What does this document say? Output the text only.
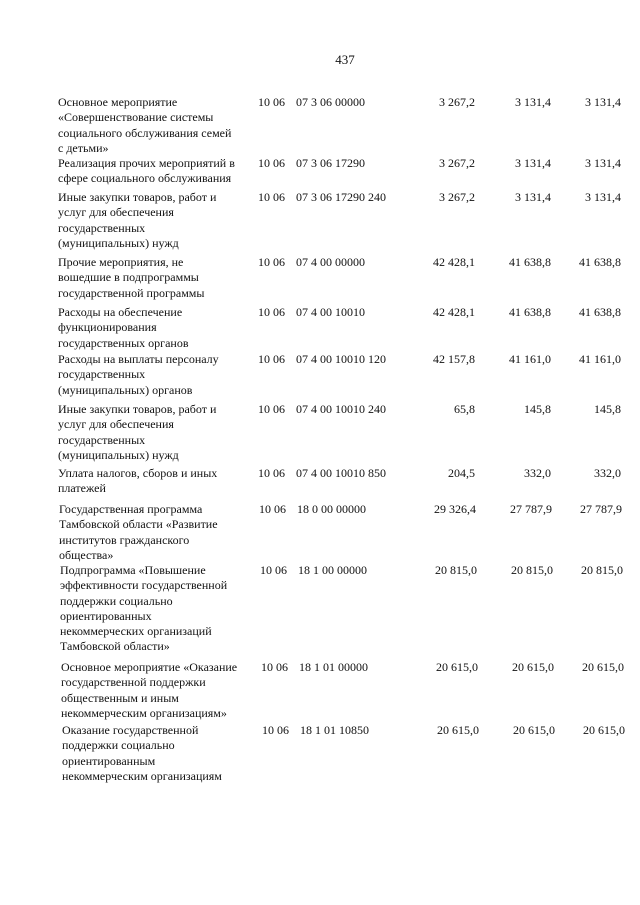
437
Основное мероприятие
«Совершенствование системы
социального обслуживания семей
с детьми»
10 06 07 3 06 00000	3 267,2	3 131,4	3 131,4
Реализация прочих мероприятий в
сфере социального обслуживания
10 06 07 3 06 17290	3 267,2	3 131,4	3 131,4
Иные закупки товаров, работ и
услуг для обеспечения
государственных
(муниципальных) нужд
10 06 07 3 06 17290 240	3 267,2	3 131,4	3 131,4
Прочие мероприятия, не
вошедшие в подпрограммы
государственной программы
10 06 07 4 00 00000	42 428,1	41 638,8	41 638,8
Расходы на обеспечение
функционирования
государственных органов
10 06 07 4 00 10010	42 428,1	41 638,8	41 638,8
Расходы на выплаты персоналу
государственных
(муниципальных) органов
10 06 07 4 00 10010 120	42 157,8	41 161,0	41 161,0
Иные закупки товаров, работ и
услуг для обеспечения
государственных
(муниципальных) нужд
10 06 07 4 00 10010 240	65,8	145,8	145,8
Уплата налогов, сборов и иных
платежей
10 06 07 4 00 10010 850	204,5	332,0	332,0
Государственная программа
Тамбовской области «Развитие
институтов гражданского
общества»
10 06 18 0 00 00000	29 326,4	27 787,9	27 787,9
Подпрограмма «Повышение
эффективности государственной
поддержки социально
ориентированных
некоммерческих организаций
Тамбовской области»
10 06 18 1 00 00000	20 815,0	20 815,0	20 815,0
Основное мероприятие «Оказание
государственной поддержки
общественным и иным
некоммерческим организациям»
10 06 18 1 01 00000	20 615,0	20 615,0	20 615,0
Оказание государственной
поддержки социально
ориентированным
некоммерческим организациям
10 06 18 1 01 10850	20 615,0	20 615,0	20 615,0
